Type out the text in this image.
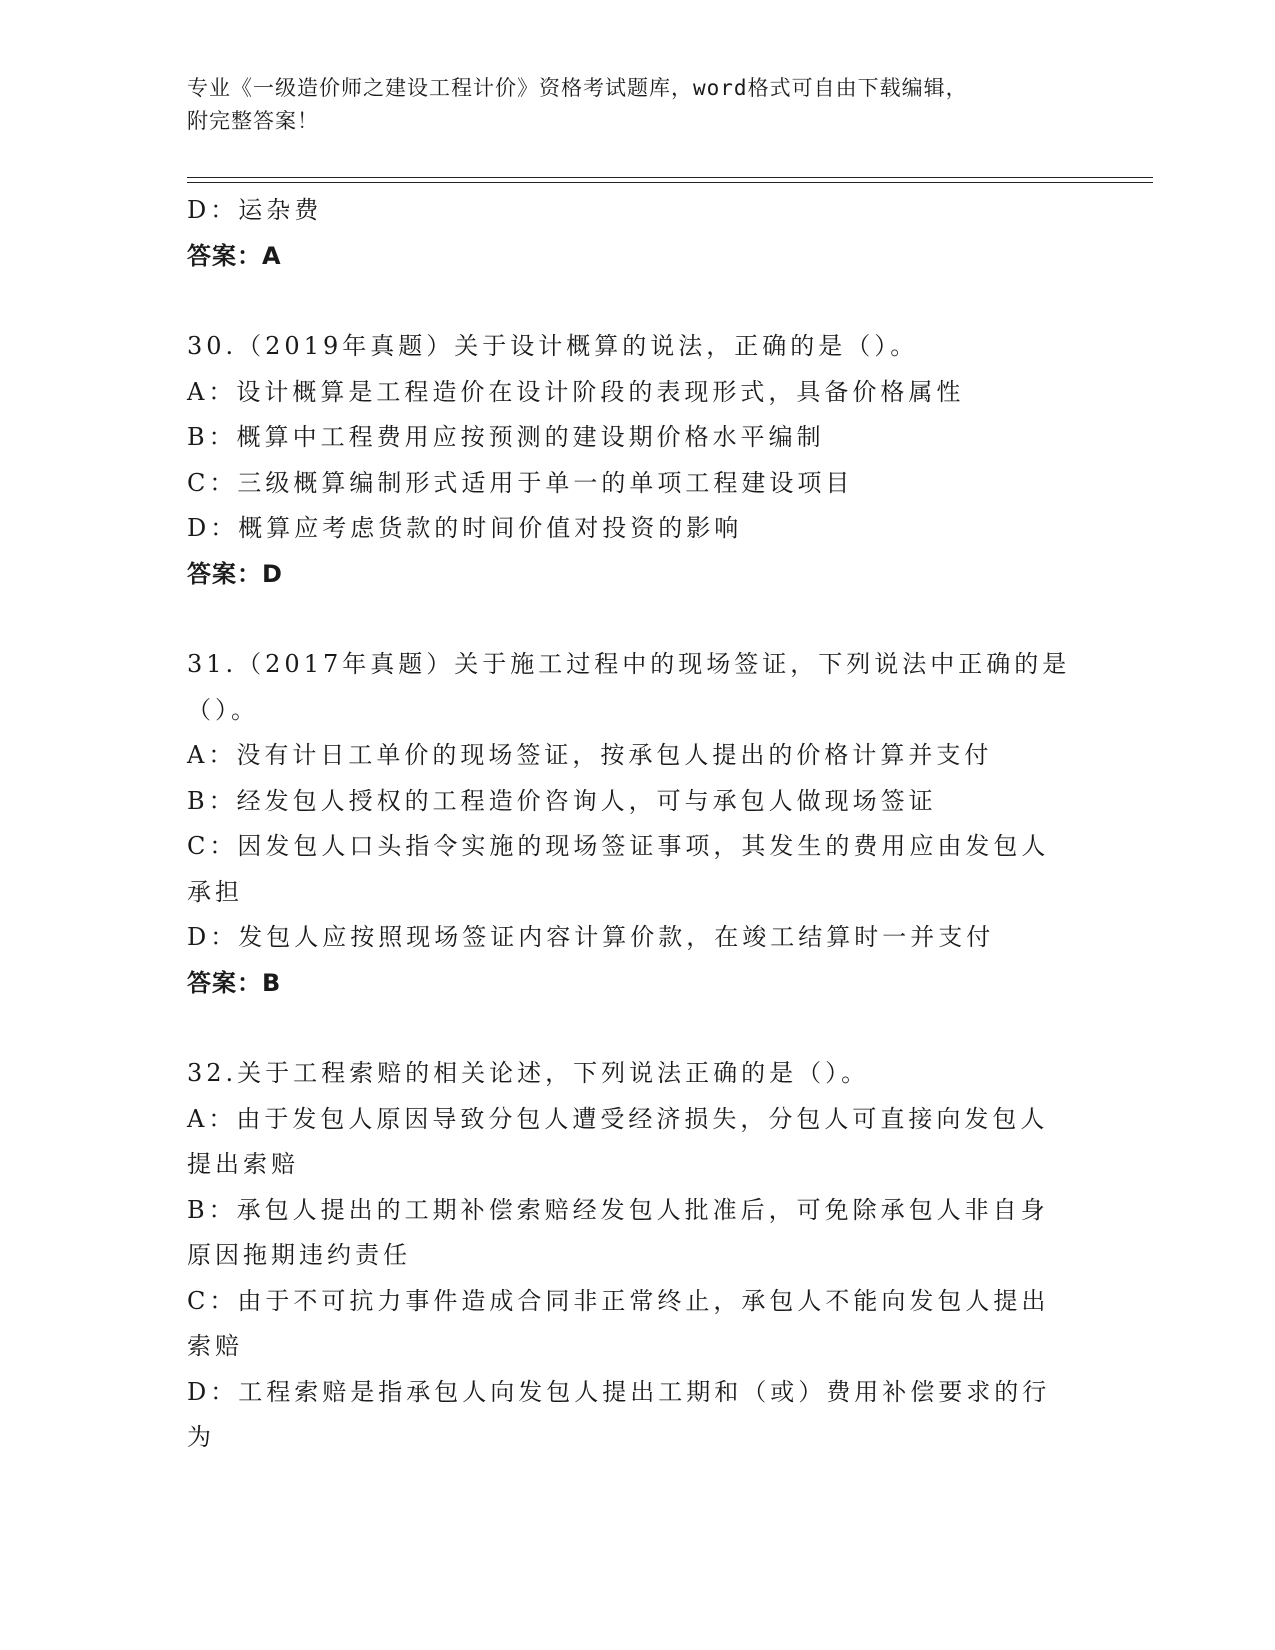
专业《一级造价师之建设工程计价》资格考试题库，word格式可自由下载编辑，
附完整答案！
D：运杂费
答案：A
30.（2019年真题）关于设计概算的说法，正确的是（）。
A：设计概算是工程造价在设计阶段的表现形式，具备价格属性
B：概算中工程费用应按预测的建设期价格水平编制
C：三级概算编制形式适用于单一的单项工程建设项目
D：概算应考虑货款的时间价值对投资的影响
答案：D
31.（2017年真题）关于施工过程中的现场签证，下列说法中正确的是
（）。
A：没有计日工单价的现场签证，按承包人提出的价格计算并支付
B：经发包人授权的工程造价咨询人，可与承包人做现场签证
C：因发包人口头指令实施的现场签证事项，其发生的费用应由发包人
承担
D：发包人应按照现场签证内容计算价款，在竣工结算时一并支付
答案：B
32.关于工程索赔的相关论述，下列说法正确的是（）。
A：由于发包人原因导致分包人遭受经济损失，分包人可直接向发包人
提出索赔
B：承包人提出的工期补偿索赔经发包人批准后，可免除承包人非自身
原因拖期违约责任
C：由于不可抗力事件造成合同非正常终止，承包人不能向发包人提出
索赔
D：工程索赔是指承包人向发包人提出工期和（或）费用补偿要求的行
为
